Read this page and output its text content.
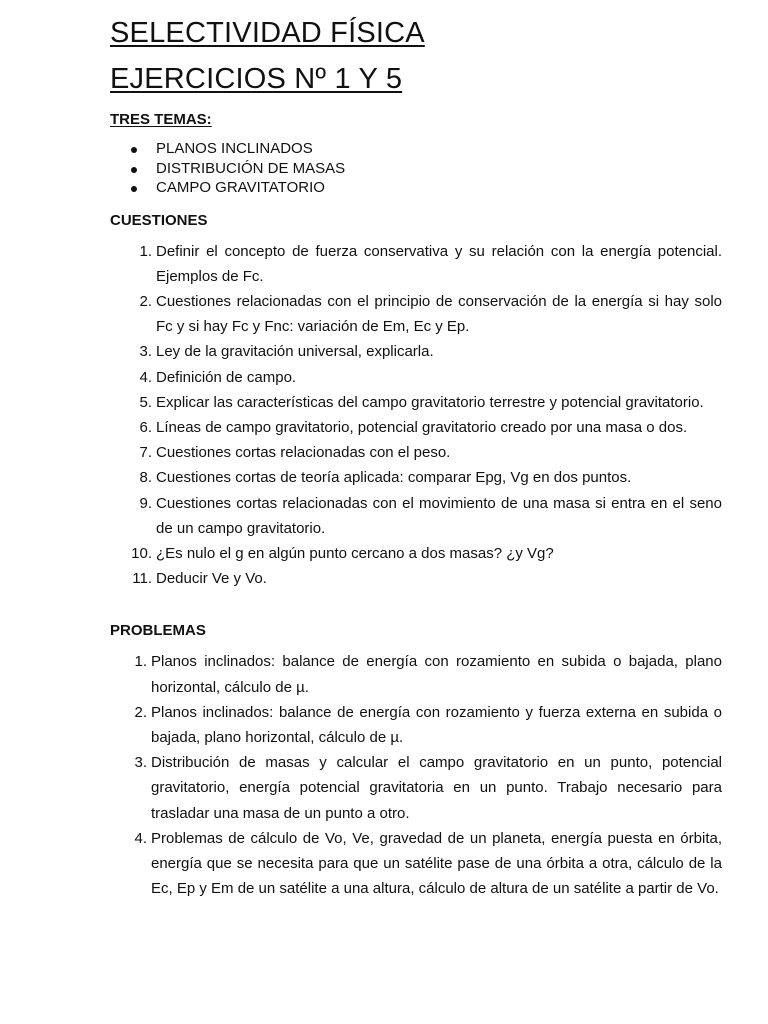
SELECTIVIDAD FÍSICA
EJERCICIOS Nº 1 Y 5

TRES TEMAS:

PLANOS INCLINADOS
DISTRIBUCIÓN DE MASAS
CAMPO GRAVITATORIO

CUESTIONES

1. Definir el concepto de fuerza conservativa y su relación con la energía potencial. Ejemplos de Fc.
2. Cuestiones relacionadas con el principio de conservación de la energía si hay solo Fc y si hay Fc y Fnc: variación de Em, Ec y Ep.
3. Ley de la gravitación universal, explicarla.
4. Definición de campo.
5. Explicar las características del campo gravitatorio terrestre y potencial gravitatorio.
6. Líneas de campo gravitatorio, potencial gravitatorio creado por una masa o dos.
7. Cuestiones cortas relacionadas con el peso.
8. Cuestiones cortas de teoría aplicada: comparar Epg, Vg en dos puntos.
9. Cuestiones cortas relacionadas con el movimiento de una masa si entra en el seno de un campo gravitatorio.
10. ¿Es nulo el g en algún punto cercano a dos masas? ¿y Vg?
11. Deducir Ve y Vo.

PROBLEMAS

1. Planos inclinados: balance de energía con rozamiento en subida o bajada, plano horizontal, cálculo de µ.
2. Planos inclinados: balance de energía con rozamiento y fuerza externa en subida o bajada, plano horizontal, cálculo de µ.
3. Distribución de masas y calcular el campo gravitatorio en un punto, potencial gravitatorio, energía potencial gravitatoria en un punto. Trabajo necesario para trasladar una masa de un punto a otro.
4. Problemas de cálculo de Vo, Ve, gravedad de un planeta, energía puesta en órbita, energía que se necesita para que un satélite pase de una órbita a otra, cálculo de la Ec, Ep y Em de un satélite a una altura, cálculo de altura de un satélite a partir de Vo.
